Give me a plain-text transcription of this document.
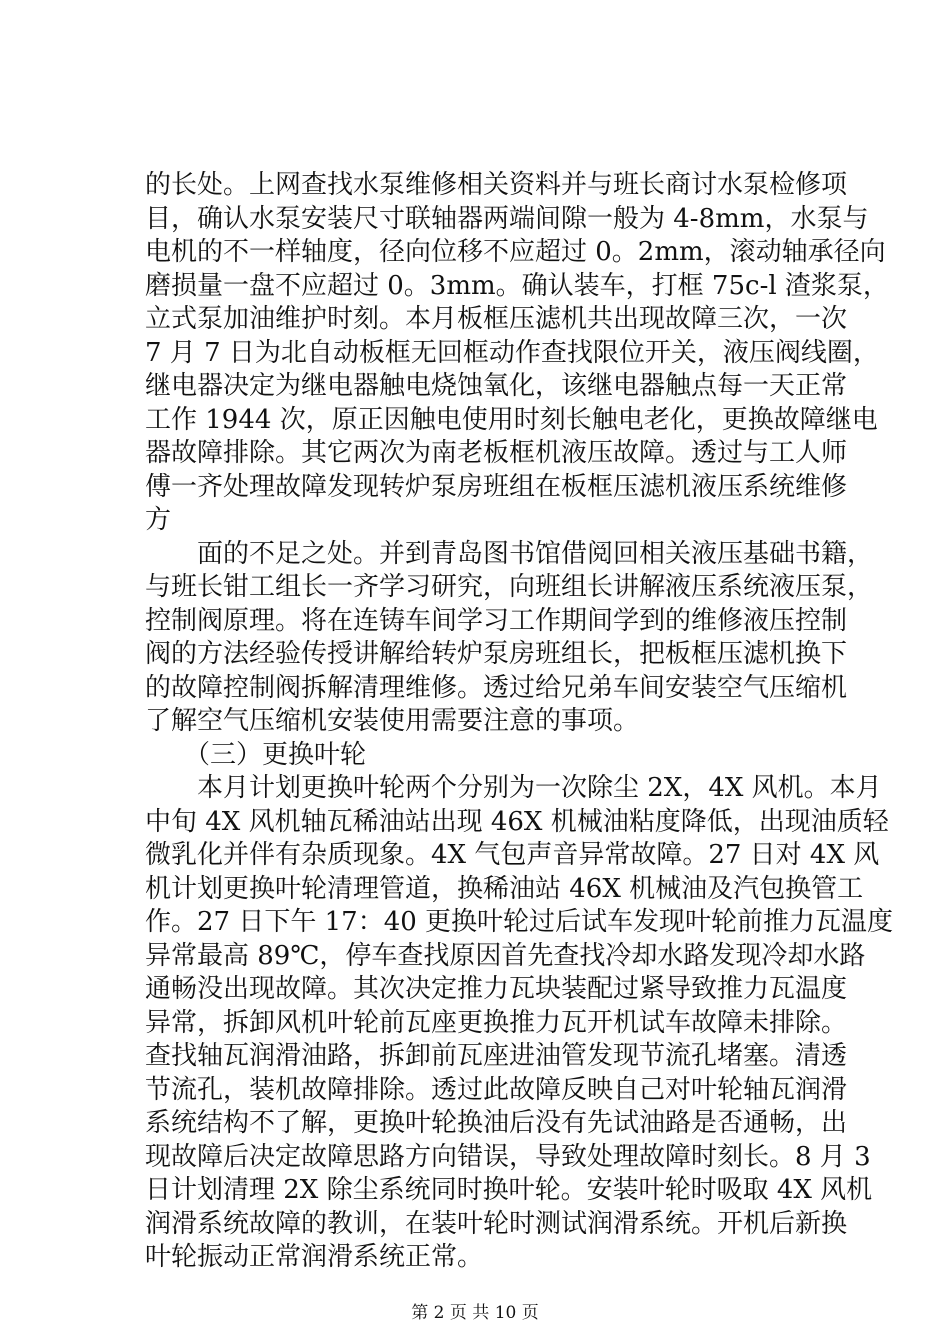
的长处。上网查找水泵维修相关资料并与班长商讨水泵检修项
目，确认水泵安装尺寸联轴器两端间隙一般为 4-8mm，水泵与
电机的不一样轴度，径向位移不应超过 0。2mm，滚动轴承径向
磨损量一盘不应超过 0。3mm。确认装车，打框 75c-l 渣浆泵，
立式泵加油维护时刻。本月板框压滤机共出现故障三次，一次
7 月 7 日为北自动板框无回框动作查找限位开关，液压阀线圈，
继电器决定为继电器触电烧蚀氧化，该继电器触点每一天正常
工作 1944 次，原正因触电使用时刻长触电老化，更换故障继电
器故障排除。其它两次为南老板框机液压故障。透过与工人师
傅一齐处理故障发现转炉泵房班组在板框压滤机液压系统维修
方
　　面的不足之处。并到青岛图书馆借阅回相关液压基础书籍，
与班长钳工组长一齐学习研究，向班组长讲解液压系统液压泵，
控制阀原理。将在连铸车间学习工作期间学到的维修液压控制
阀的方法经验传授讲解给转炉泵房班组长，把板框压滤机换下
的故障控制阀拆解清理维修。透过给兄弟车间安装空气压缩机
了解空气压缩机安装使用需要注意的事项。
　　（三）更换叶轮
　　本月计划更换叶轮两个分别为一次除尘 2X，4X 风机。本月
中旬 4X 风机轴瓦稀油站出现 46X 机械油粘度降低，出现油质轻
微乳化并伴有杂质现象。4X 气包声音异常故障。27 日对 4X 风
机计划更换叶轮清理管道，换稀油站 46X 机械油及汽包换管工
作。27 日下午 17：40 更换叶轮过后试车发现叶轮前推力瓦温度
异常最高 89℃，停车查找原因首先查找冷却水路发现冷却水路
通畅没出现故障。其次决定推力瓦块装配过紧导致推力瓦温度
异常，拆卸风机叶轮前瓦座更换推力瓦开机试车故障未排除。
查找轴瓦润滑油路，拆卸前瓦座进油管发现节流孔堵塞。清透
节流孔，装机故障排除。透过此故障反映自己对叶轮轴瓦润滑
系统结构不了解，更换叶轮换油后没有先试油路是否通畅，出
现故障后决定故障思路方向错误，导致处理故障时刻长。8 月 3
日计划清理 2X 除尘系统同时换叶轮。安装叶轮时吸取 4X 风机
润滑系统故障的教训，在装叶轮时测试润滑系统。开机后新换
叶轮振动正常润滑系统正常。
第 2 页 共 10 页
